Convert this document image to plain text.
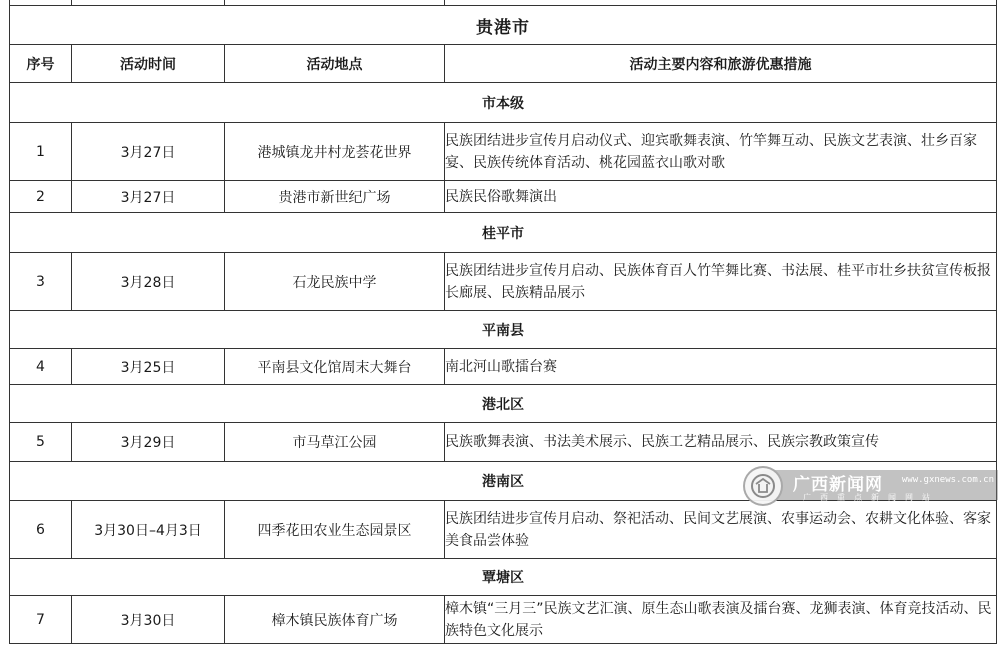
贵港市			
序号	活动时间	活动地点	活动主要内容和旅游优惠措施
市本级			
1	3月27日	港城镇龙井村龙荟花世界	民族团结进步宣传月启动仪式、迎宾歌舞表演、竹竿舞互动、民族文艺表演、壮乡百家宴、民族传统体育活动、桃花园蓝衣山歌对歌
2	3月27日	贵港市新世纪广场	民族民俗歌舞演出
桂平市			
3	3月28日	石龙民族中学	民族团结进步宣传月启动、民族体育百人竹竿舞比赛、书法展、桂平市壮乡扶贫宣传板报长廊展、民族精品展示
平南县			
4	3月25日	平南县文化馆周末大舞台	南北河山歌擂台赛
港北区			
5	3月29日	市马草江公园	民族歌舞表演、书法美术展示、民族工艺精品展示、民族宗教政策宣传
港南区			
6	3月30日–4月3日	四季花田农业生态园景区	民族团结进步宣传月启动、祭祀活动、民间文艺展演、农事运动会、农耕文化体验、客家美食品尝体验
覃塘区			
7	3月30日	樟木镇民族体育广场	樟木镇“三月三”民族文艺汇演、原生态山歌表演及擂台赛、龙狮表演、体育竞技活动、民族特色文化展示
广西新闻网 www.gxnews.com.cn
广西重点新闻网站
